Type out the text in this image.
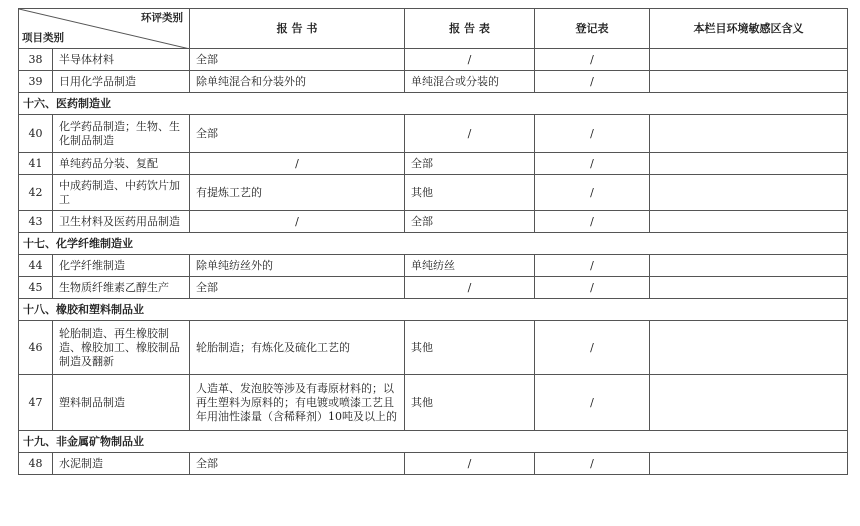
环评类别
项目类别		报 告 书	报 告 表	登记表	本栏目环境敏感区含义
38	半导体材料	全部	/	/	
39	日用化学品制造	除单纯混合和分装外的	单纯混合或分装的	/	
十六、医药制造业					
40	化学药品制造；生物、生化制品制造	全部	/	/	
41	单纯药品分装、复配	/	全部	/	
42	中成药制造、中药饮片加工	有提炼工艺的	其他	/	
43	卫生材料及医药用品制造	/	全部	/	
十七、化学纤维制造业					
44	化学纤维制造	除单纯纺丝外的	单纯纺丝	/	
45	生物质纤维素乙醇生产	全部	/	/	
十八、橡胶和塑料制品业					
46	轮胎制造、再生橡胶制造、橡胶加工、橡胶制品制造及翻新	轮胎制造；有炼化及硫化工艺的	其他	/	
47	塑料制品制造	人造革、发泡胶等涉及有毒原材料的；以再生塑料为原料的；有电镀或喷漆工艺且年用油性漆量（含稀释剂）10吨及以上的	其他	/	
十九、非金属矿物制品业					
48	水泥制造	全部	/	/	
